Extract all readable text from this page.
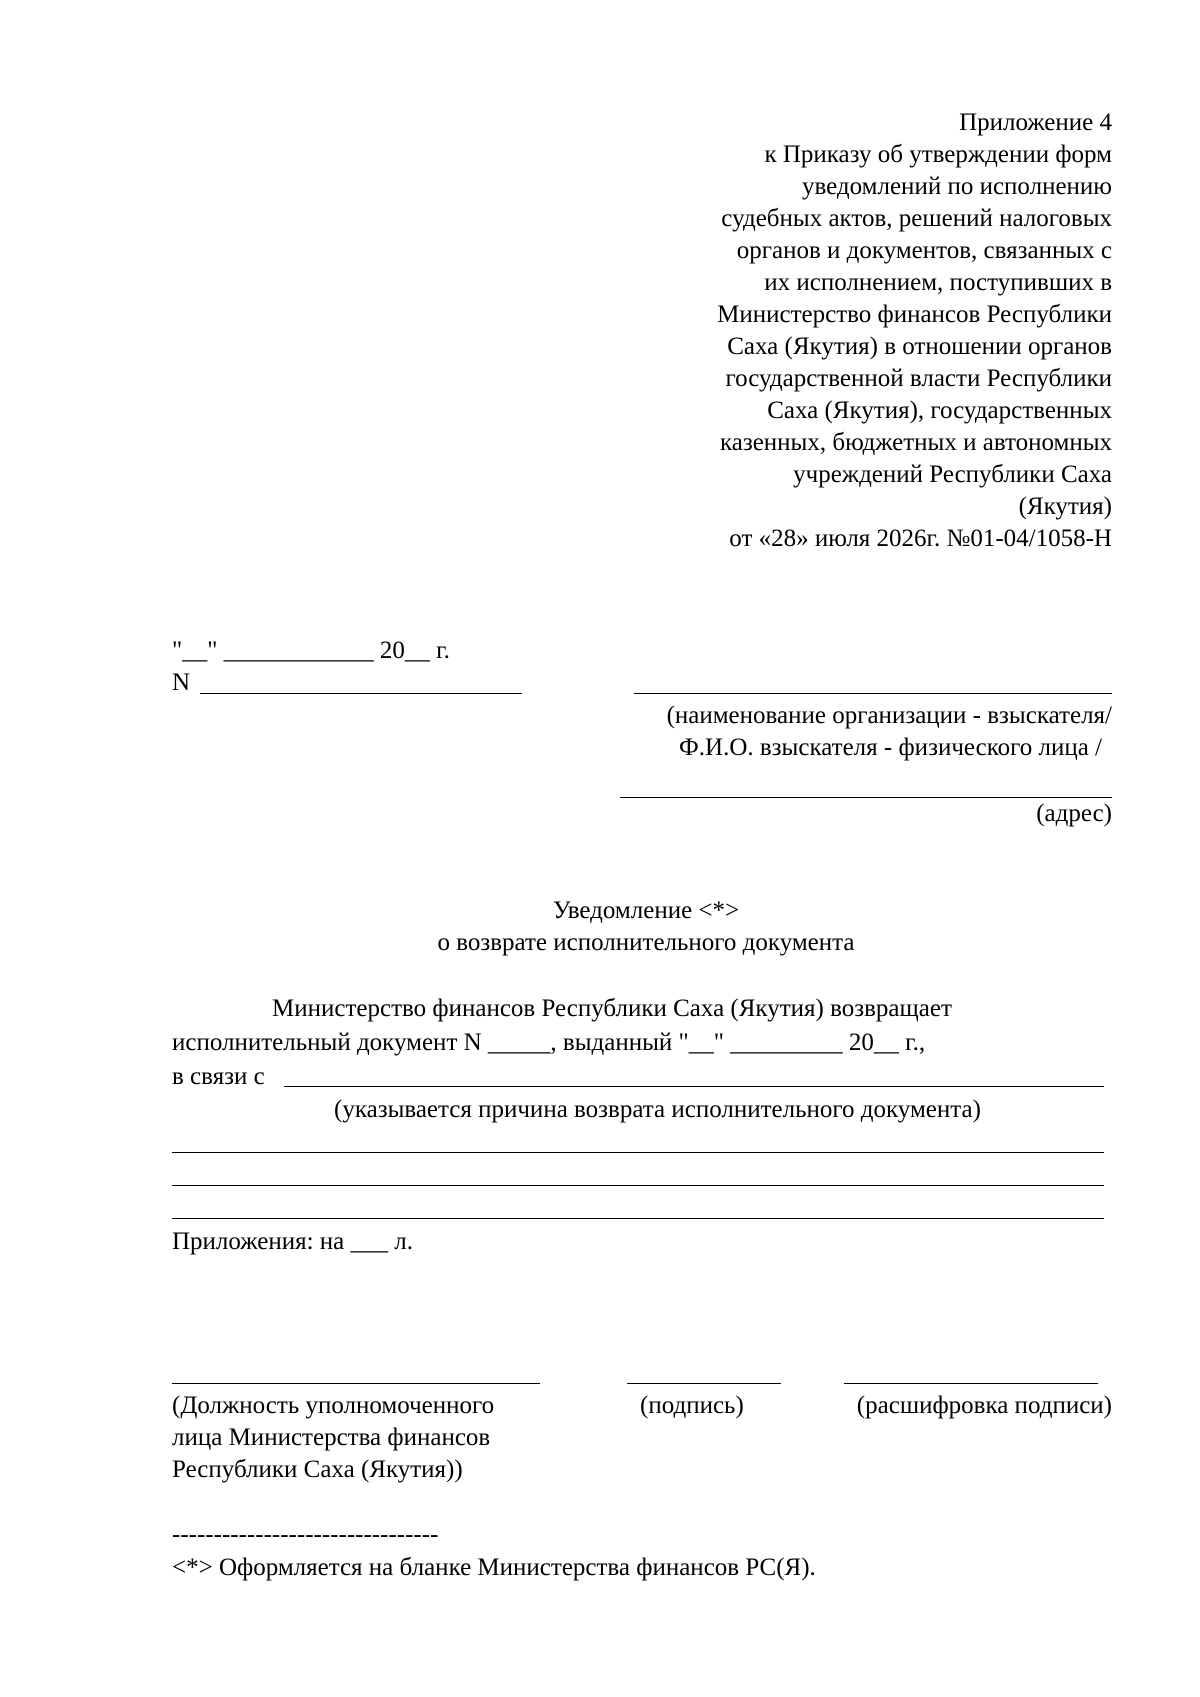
Приложение 4
к Приказу об утверждении форм
уведомлений по исполнению
судебных актов, решений налоговых
органов и документов, связанных с
их исполнением, поступивших в
Министерство финансов Республики
Саха (Якутия) в отношении органов
государственной власти Республики
Саха (Якутия), государственных
казенных, бюджетных и автономных
учреждений Республики Саха
(Якутия)
от «28» июля 2026г. №01-04/1058-Н
"__" ____________ 20__ г.
N
(наименование организации - взыскателя/
Ф.И.О. взыскателя - физического лица /
(адрес)
Уведомление <*>
о возврате исполнительного документа
Министерство финансов Республики Саха (Якутия) возвращает
исполнительный документ N _____, выданный "__" _________ 20__ г.,
в связи с
(указывается причина возврата исполнительного документа)
Приложения: на ___ л.
(Должность уполномоченного
лица Министерства финансов
Республики Саха (Якутия))
(подпись)	(расшифровка подписи)
--------------------------------
<*> Оформляется на бланке Министерства финансов РС(Я).
